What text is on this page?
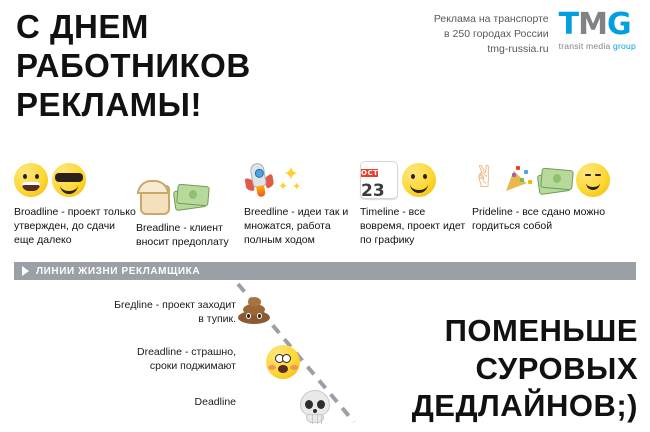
С ДНЕМ
РАБОТНИКОВ
РЕКЛАМЫ!
Реклама на транспорте
в 250 городах России
tmg-russia.ru
TMG
transit media group
Broadline - проект только утвержден, до сдачи еще далеко
Breadline - клиент вносит предоплату
✦
✦ ✦
Breedline - идеи так и множатся, работа полным ходом
OCT 23
Timeline - все вовремя, проект идет по графику
✌
Prideline - все сдано можно гордиться собой
ЛИНИИ ЖИЗНИ РЕКЛАМЩИКА
Бreдline - проект заходит в тупик.
Dreadline - страшно, сроки поджимают
Deadline
ПОМЕНЬШЕ
СУРОВЫХ
ДЕДЛАЙНОВ;)
